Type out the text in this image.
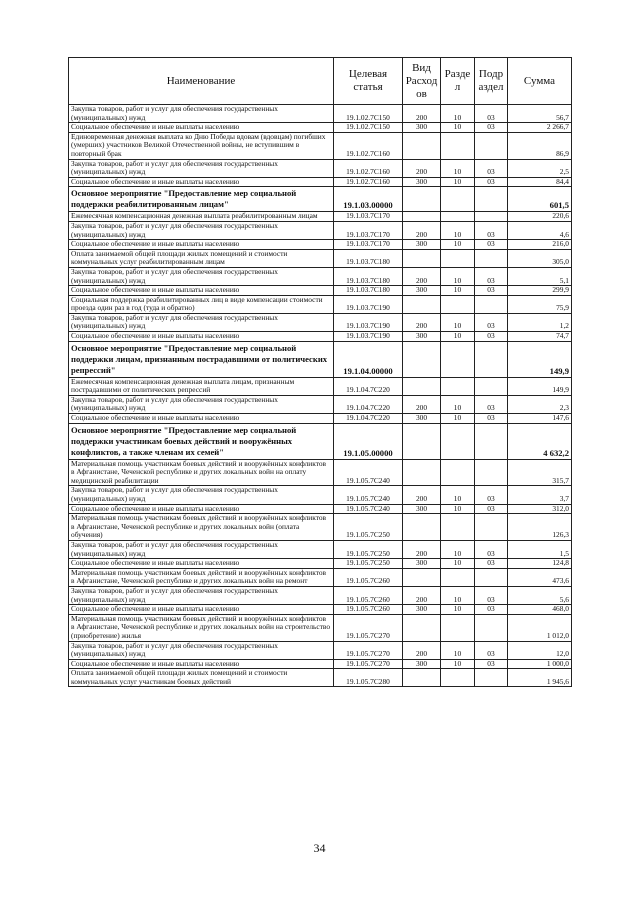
Наименование	Целевая статья	Вид Расход ов	Разде л	Подр аздел	Сумма
Закупка товаров, работ и услуг для обеспечения государственных (муниципальных) нужд	19.1.02.7С150	200	10	03	56,7
Социальное обеспечение и иные выплаты населению	19.1.02.7С150	300	10	03	2 266,7
Единовременная денежная выплата ко Дню Победы вдовам (вдовцам) погибших (умерших) участников Великой Отечественной войны, не вступившим в повторный брак	19.1.02.7С160				86,9
Закупка товаров, работ и услуг для обеспечения государственных (муниципальных) нужд	19.1.02.7С160	200	10	03	2,5
Социальное обеспечение и иные выплаты населению	19.1.02.7С160	300	10	03	84,4
Основное мероприятие "Предоставление мер социальной поддержки реабилитированным лицам"	19.1.03.00000				601,5
Ежемесячная компенсационная денежная выплата реабилитированным лицам	19.1.03.7С170				220,6
Закупка товаров, работ и услуг для обеспечения государственных (муниципальных) нужд	19.1.03.7С170	200	10	03	4,6
Социальное обеспечение и иные выплаты населению	19.1.03.7С170	300	10	03	216,0
Оплата занимаемой общей площади жилых помещений и стоимости коммунальных услуг реабилитированным лицам	19.1.03.7С180				305,0
Закупка товаров, работ и услуг для обеспечения государственных (муниципальных) нужд	19.1.03.7С180	200	10	03	5,1
Социальное обеспечение и иные выплаты населению	19.1.03.7С180	300	10	03	299,9
Социальная поддержка реабилитированных лиц в виде компенсации стоимости проезда один раз в год (туда и обратно)	19.1.03.7С190				75,9
Закупка товаров, работ и услуг для обеспечения государственных (муниципальных) нужд	19.1.03.7С190	200	10	03	1,2
Социальное обеспечение и иные выплаты населению	19.1.03.7С190	300	10	03	74,7
Основное мероприятие "Предоставление мер социальной поддержки лицам, признанным пострадавшими от политических репрессий"	19.1.04.00000				149,9
Ежемесячная компенсационная денежная выплата лицам, признанным пострадавшими от политических репрессий	19.1.04.7С220				149,9
Закупка товаров, работ и услуг для обеспечения государственных (муниципальных) нужд	19.1.04.7С220	200	10	03	2,3
Социальное обеспечение и иные выплаты населению	19.1.04.7С220	300	10	03	147,6
Основное мероприятие "Предоставление мер социальной поддержки участникам боевых действий и вооружённых конфликтов, а также членам их семей"	19.1.05.00000				4 632,2
Материальная помощь участникам боевых действий и вооружённых конфликтов в Афганистане, Чеченской республике и других локальных войн на оплату медицинской реабилитации	19.1.05.7С240				315,7
Закупка товаров, работ и услуг для обеспечения государственных (муниципальных) нужд	19.1.05.7С240	200	10	03	3,7
Социальное обеспечение и иные выплаты населению	19.1.05.7С240	300	10	03	312,0
Материальная помощь участникам боевых действий и вооружённых конфликтов в Афганистане, Чеченской республике и других локальных войн (оплата обучения)	19.1.05.7С250				126,3
Закупка товаров, работ и услуг для обеспечения государственных (муниципальных) нужд	19.1.05.7С250	200	10	03	1,5
Социальное обеспечение и иные выплаты населению	19.1.05.7С250	300	10	03	124,8
Материальная помощь участникам боевых действий и вооружённых конфликтов в Афганистане, Чеченской республике и других локальных войн на ремонт	19.1.05.7С260				473,6
Закупка товаров, работ и услуг для обеспечения государственных (муниципальных) нужд	19.1.05.7С260	200	10	03	5,6
Социальное обеспечение и иные выплаты населению	19.1.05.7С260	300	10	03	468,0
Материальная помощь участникам боевых действий и вооружённых конфликтов в Афганистане, Чеченской республике и других локальных войн на строительство (приобретение) жилья	19.1.05.7С270				1 012,0
Закупка товаров, работ и услуг для обеспечения государственных (муниципальных) нужд	19.1.05.7С270	200	10	03	12,0
Социальное обеспечение и иные выплаты населению	19.1.05.7С270	300	10	03	1 000,0
Оплата занимаемой общей площади жилых помещений и стоимости коммунальных услуг участникам боевых действий	19.1.05.7С280				1 945,6
34
